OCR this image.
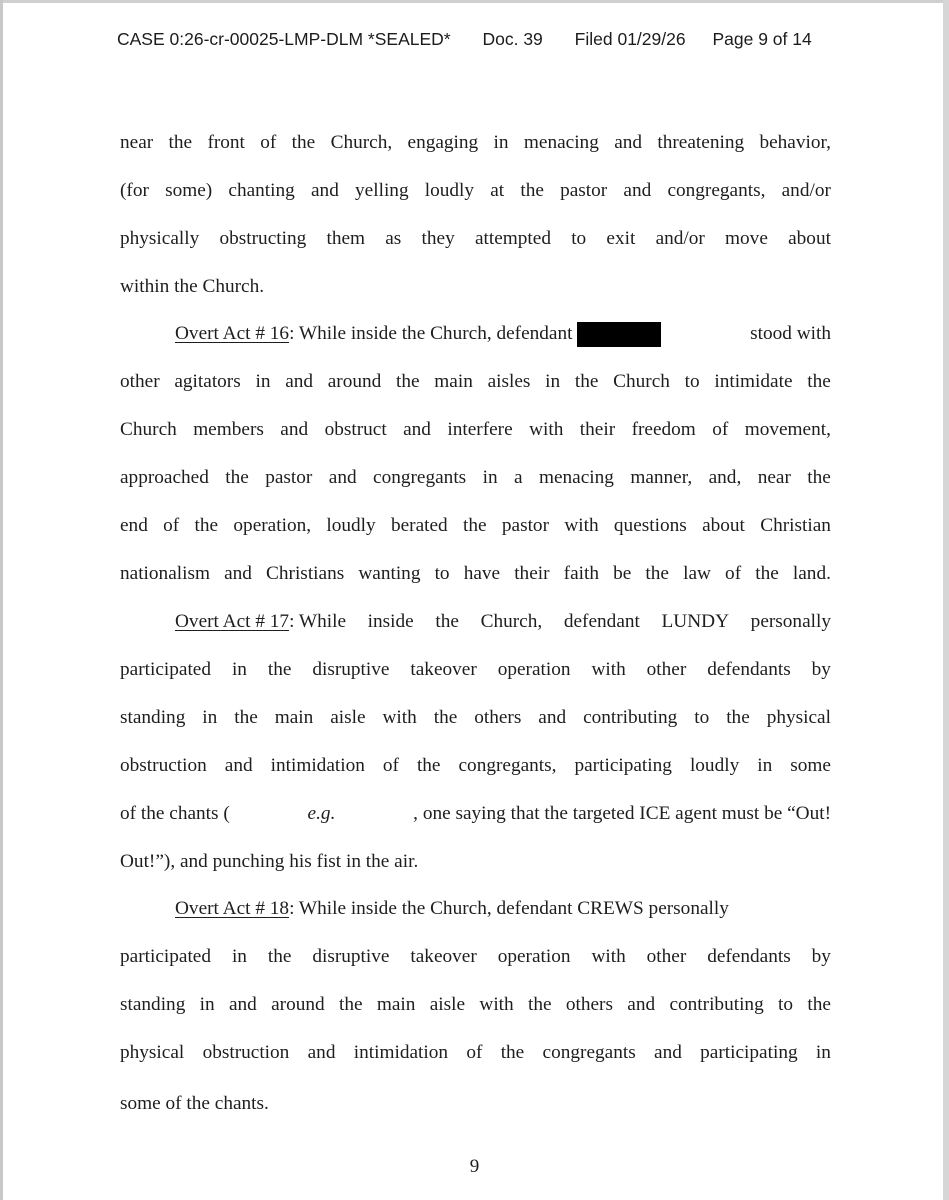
CASE 0:26-cr-00025-LMP-DLM *SEALED* Doc. 39 Filed 01/29/26 Page 9 of 14
near the front of the Church, engaging in menacing and threatening behavior,
(for some) chanting and yelling loudly at the pastor and congregants, and/or
physically obstructing them as they attempted to exit and/or move about
within the Church.
Overt Act # 16 : While inside the Church, defendant	stood with
other agitators in and around the main aisles in the Church to intimidate the
Church members and obstruct and interfere with their freedom of movement,
approached the pastor and congregants in a menacing manner, and, near the
end of the operation, loudly berated the pastor with questions about Christian
nationalism and Christians wanting to have their faith be the law of the land.
Overt Act # 17 : While inside the Church, defendant LUNDY personally
participated in the disruptive takeover operation with other defendants by
standing in the main aisle with the others and contributing to the physical
obstruction and intimidation of the congregants, participating loudly in some
of the chants (	e.g.	, one saying that the targeted ICE agent must be “Out!
Out!”), and punching his fist in the air.
Overt Act # 18 : While inside the Church, defendant CREWS personally
participated in the disruptive takeover operation with other defendants by
standing in and around the main aisle with the others and contributing to the
physical obstruction and intimidation of the congregants and participating in
some of the chants.
9
